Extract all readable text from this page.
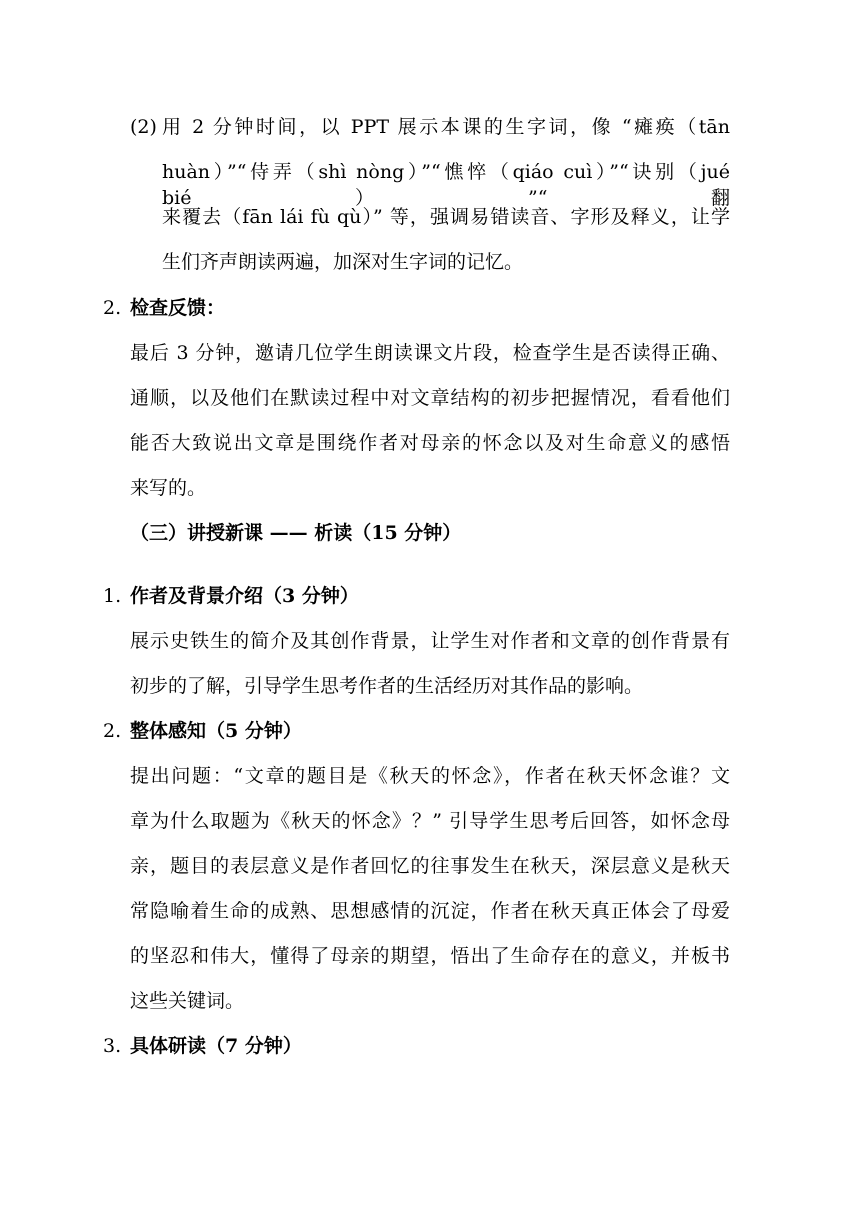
(2) 用 2 分钟时间，以 PPT 展示本课的生字词，像 “瘫痪（tān
huàn）”“侍弄（shì nòng）”“憔悴（qiáo cuì）”“诀别（jué bié）”“翻
来覆去（fān lái fù qù）” 等，强调易错读音、字形及释义，让学
生们齐声朗读两遍，加深对生字词的记忆。
2. 检查反馈：
最后 3 分钟，邀请几位学生朗读课文片段，检查学生是否读得正确、
通顺，以及他们在默读过程中对文章结构的初步把握情况，看看他们
能否大致说出文章是围绕作者对母亲的怀念以及对生命意义的感悟
来写的。
（三）讲授新课 —— 析读（15 分钟）
1. 作者及背景介绍（3 分钟）
展示史铁生的简介及其创作背景，让学生对作者和文章的创作背景有
初步的了解，引导学生思考作者的生活经历对其作品的影响。
2. 整体感知（5 分钟）
提出问题：“文章的题目是《秋天的怀念》，作者在秋天怀念谁？文
章为什么取题为《秋天的怀念》？” 引导学生思考后回答，如怀念母
亲，题目的表层意义是作者回忆的往事发生在秋天，深层意义是秋天
常隐喻着生命的成熟、思想感情的沉淀，作者在秋天真正体会了母爱
的坚忍和伟大，懂得了母亲的期望，悟出了生命存在的意义，并板书
这些关键词。
3. 具体研读（7 分钟）
